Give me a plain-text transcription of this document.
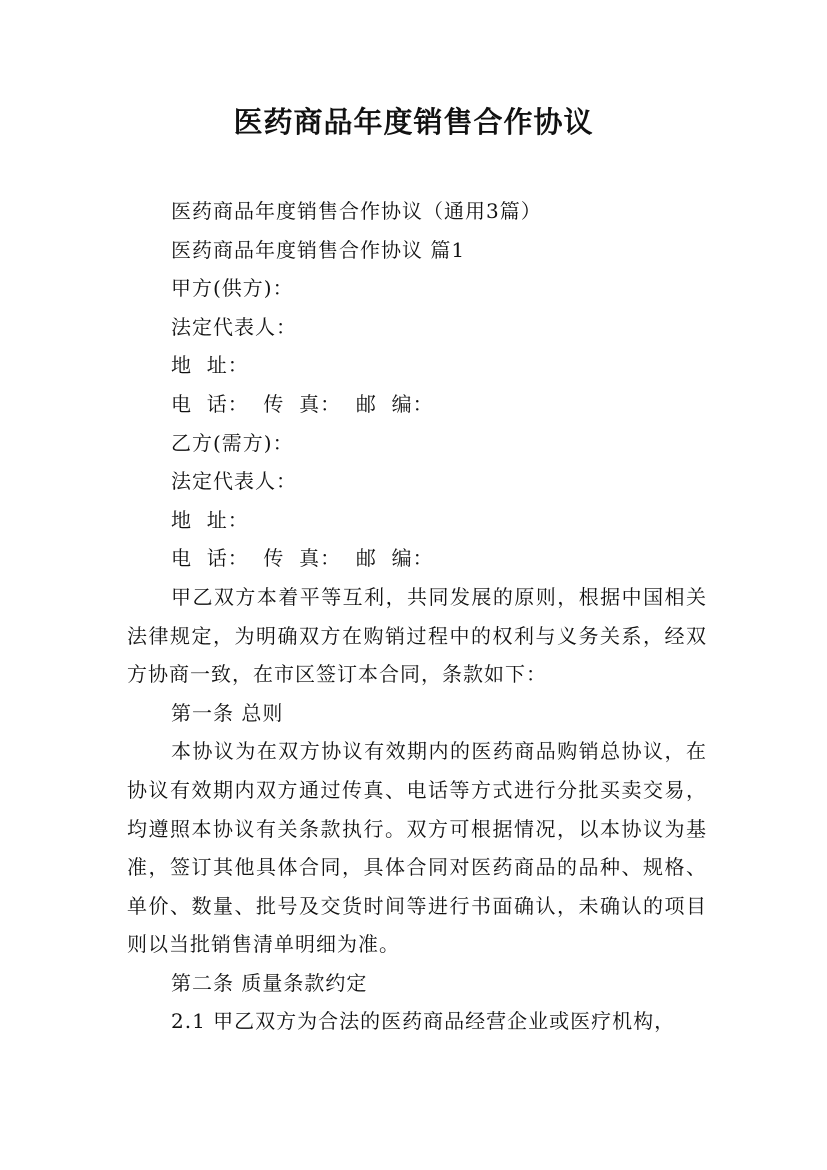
医药商品年度销售合作协议
医药商品年度销售合作协议（通用3篇）
医药商品年度销售合作协议 篇1
甲方(供方)：
法定代表人：
地  址：
电  话：  传  真：  邮  编：
乙方(需方)：
法定代表人：
地  址：
电  话：  传  真：  邮  编：

甲乙双方本着平等互利，共同发展的原则，根据中国相关法律规定，为明确双方在购销过程中的权利与义务关系，经双方协商一致，在市区签订本合同，条款如下：

第一条 总则

本协议为在双方协议有效期内的医药商品购销总协议，在协议有效期内双方通过传真、电话等方式进行分批买卖交易，均遵照本协议有关条款执行。双方可根据情况，以本协议为基准，签订其他具体合同，具体合同对医药商品的品种、规格、单价、数量、批号及交货时间等进行书面确认，未确认的项目则以当批销售清单明细为准。

第二条 质量条款约定
2.1 甲乙双方为合法的医药商品经营企业或医疗机构，
